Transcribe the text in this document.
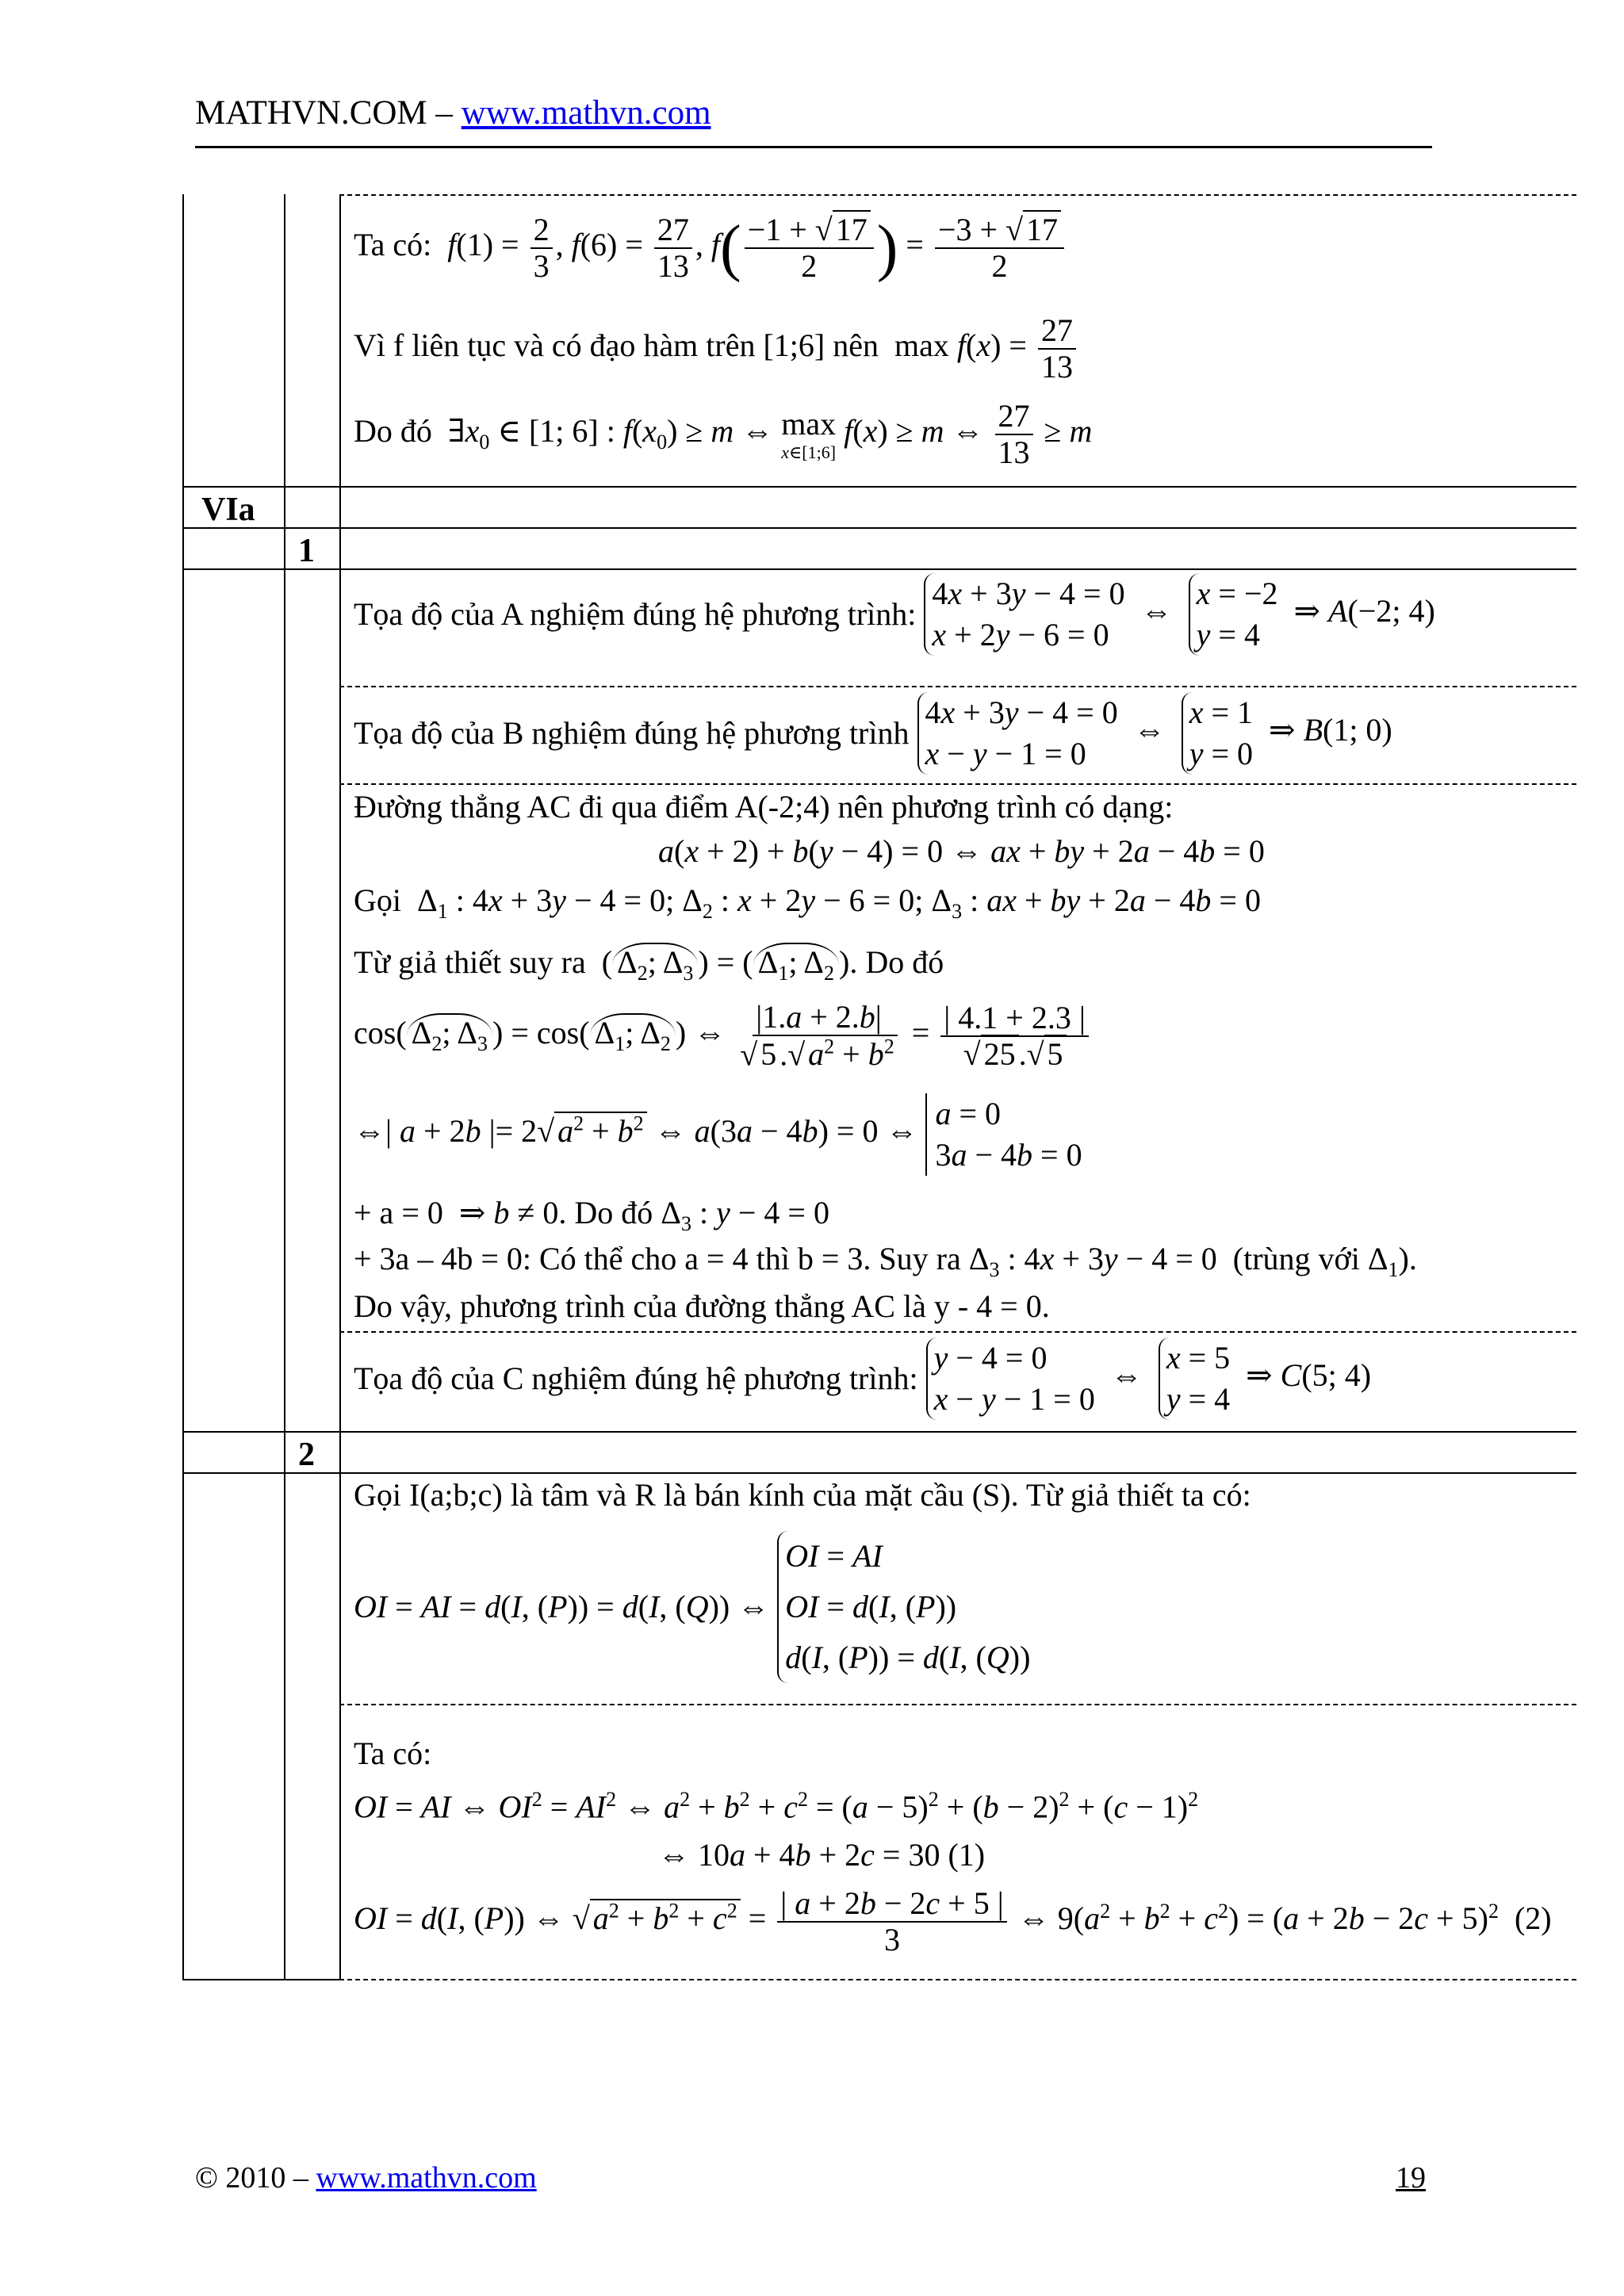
MATHVN.COM – www.mathvn.com
VIa
1
2
Ta có:  $f(1) = \frac{2}{3}$ , $f(6) = \frac{27}{13}$ , $f( \frac{-1 + √ 17}{2}$ ) = $\frac{-3 + √ 17}{2}$
Vì f liên tục và có đạo hàm trên [1;6] nên  $\max f(x) = \frac{27}{13}$
Do đó  $\exists x_0$ ∈ [1; 6] : $f(x_0) \ge m$ ⇔ max
x∈[1;6]
f(x) ≥ m ⇔ $\frac{27}{13} \ge m$
Tọa độ của A nghiệm đúng hệ phương trình:
4x + 3y − 4 = 0
x + 2y − 6 = 0
⇔ x = −2
y = 4
⇒ A(−2; 4)
Tọa độ của B nghiệm đúng hệ phương trình
4x + 3y − 4 = 0
x − y − 1 = 0
⇔ x = 1
y = 0
⇒ B(1; 0)
Đường thẳng AC đi qua điểm A(-2;4) nên phương trình có dạng:
a(x + 2) + b(y − 4) = 0 ⇔ ax + by + 2a − 4b = 0
Gọi  $\Delta_1$ : 4x + 3y − 4 = 0; $\Delta_2$ : x + 2y − 6 = 0; $\Delta_3$ : ax + by + 2a − 4b = 0
Từ giả thiết suy ra  ( $\Delta_2$; $\Delta_3$ ) = ( $\Delta_1$; $\Delta_2$ ). Do đó
cos( $\Delta_2$; $\Delta_3$ ) = cos( $\Delta_1$; $\Delta_2$ ) ⇔ $\frac{|1.a + 2.b|}{√ 5 .√ a^2 + b^2} = \frac{| 4.1 + 2.3 |}{√ 25 .√ 5}$
⇔| a + 2b |= 2√ $a^2 + b^2$ ⇔ a(3a − 4b) = 0 ⇔ a = 0
3a − 4b = 0
+ a = 0  ⇒ b ≠ 0. Do đó $\Delta_3$ : y − 4 = 0
+ 3a – 4b = 0: Có thể cho a = 4 thì b = 3. Suy ra $\Delta_3$ : 4x + 3y − 4 = 0  (trùng với $\Delta_1$).
Do vậy, phương trình của đường thẳng AC là y - 4 = 0.
Tọa độ của C nghiệm đúng hệ phương trình:
y − 4 = 0
x − y − 1 = 0
⇔ x = 5
y = 4
⇒ C(5; 4)
Gọi I(a;b;c) là tâm và R là bán kính của mặt cầu (S). Từ giả thiết ta có:
OI = AI = d(I, (P)) = d(I, (Q)) ⇔
OI = AI
OI = d(I, (P))
d(I, (P)) = d(I, (Q))
Ta có:
OI = AI ⇔ $OI^2 = AI^2$ ⇔ $a^2 + b^2 + c^2 = (a - 5)^2 + (b - 2)^2 + (c - 1)^2$
⇔ 10a + 4b + 2c = 30 (1)
OI = d(I, (P)) ⇔ √ $a^2 + b^2 + c^2 = \frac{| a + 2b - 2c + 5 |}{3}$ ⇔ $9(a^2 + b^2 + c^2) = (a + 2b - 2c + 5)^2$ (2)
© 2010 – www.mathvn.com	19
